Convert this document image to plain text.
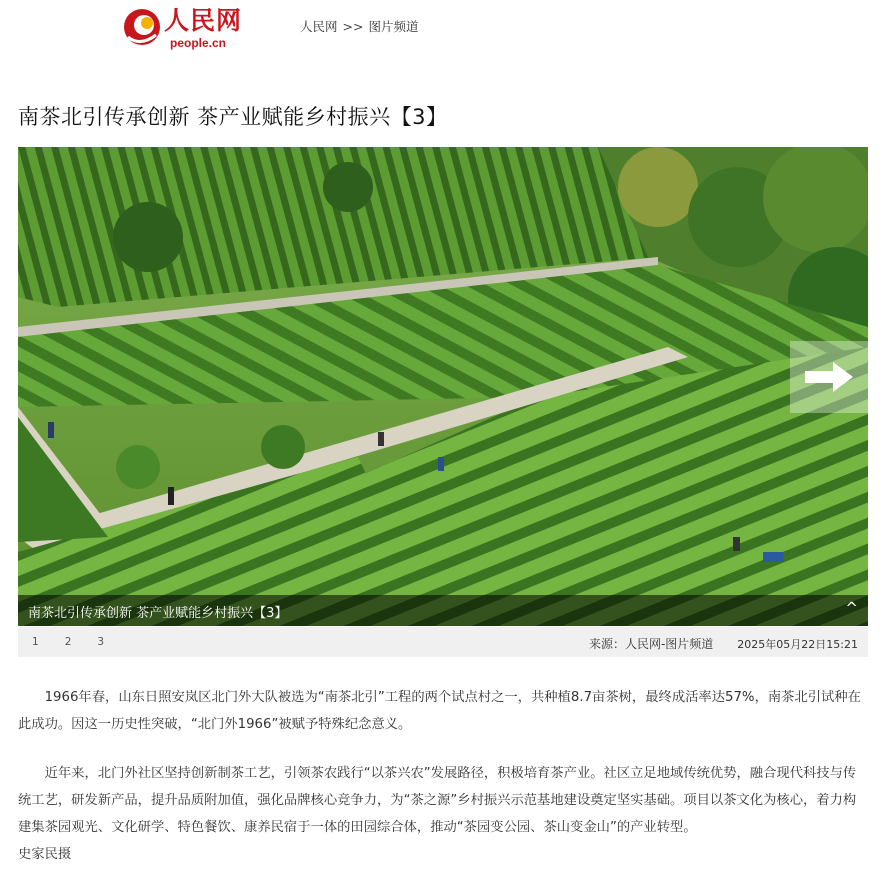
人民网
people.cn
人民网 >> 图片频道
南茶北引传承创新 茶产业赋能乡村振兴【3】
南茶北引传承创新 茶产业赋能乡村振兴【3】	^
1 2 3	来源：人民网-图片频道 2025年05月22日15:21

1966年春，山东日照安岚区北门外大队被选为“南茶北引”工程的两个试点村之一，共种植8.7亩茶树，最终成活率达57%，南茶北引试种在此成功。因这一历史性突破，“北门外1966”被赋予特殊纪念意义。

近年来，北门外社区坚持创新制茶工艺，引领茶农践行“以茶兴农”发展路径，积极培育茶产业。社区立足地域传统优势，融合现代科技与传统工艺，研发新产品，提升品质附加值，强化品牌核心竞争力，为“茶之源”乡村振兴示范基地建设奠定坚实基础。项目以茶文化为核心，着力构建集茶园观光、文化研学、特色餐饮、康养民宿于一体的田园综合体，推动“茶园变公园、茶山变金山”的产业转型。

史家民摄
